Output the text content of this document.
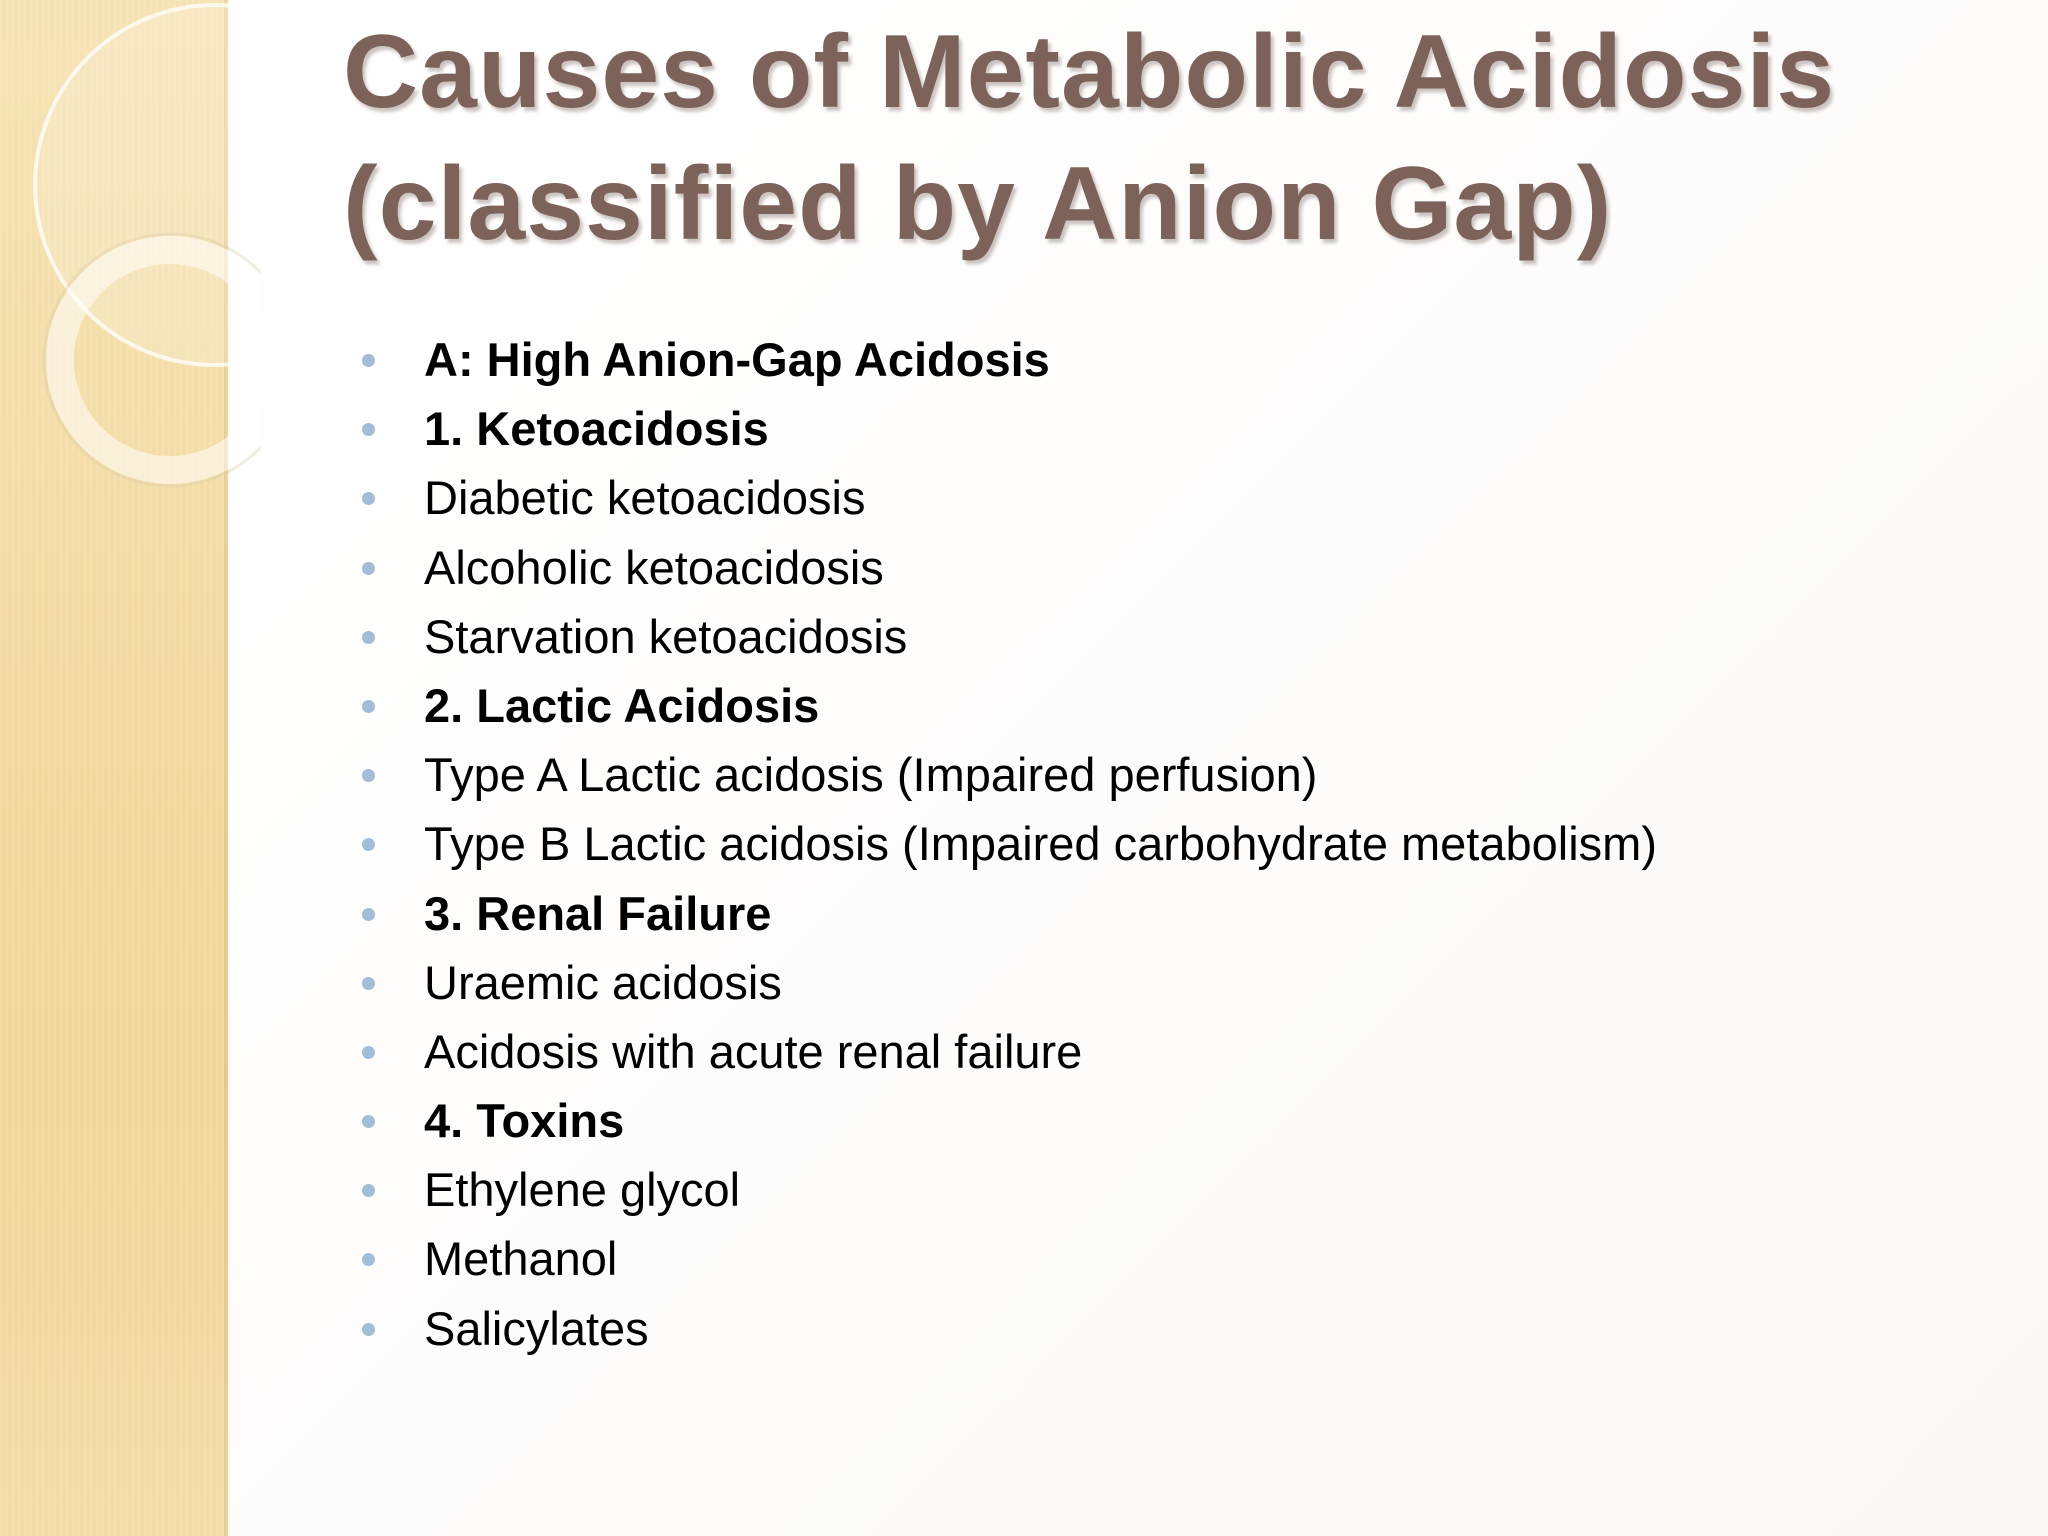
Causes of Metabolic Acidosis
(classified by Anion Gap)
A: High Anion-Gap Acidosis
1. Ketoacidosis
Diabetic ketoacidosis
Alcoholic ketoacidosis
Starvation ketoacidosis
2. Lactic Acidosis
Type A Lactic acidosis (Impaired perfusion)
Type B Lactic acidosis (Impaired carbohydrate metabolism)
3. Renal Failure
Uraemic acidosis
Acidosis with acute renal failure
4. Toxins
Ethylene glycol
Methanol
Salicylates
